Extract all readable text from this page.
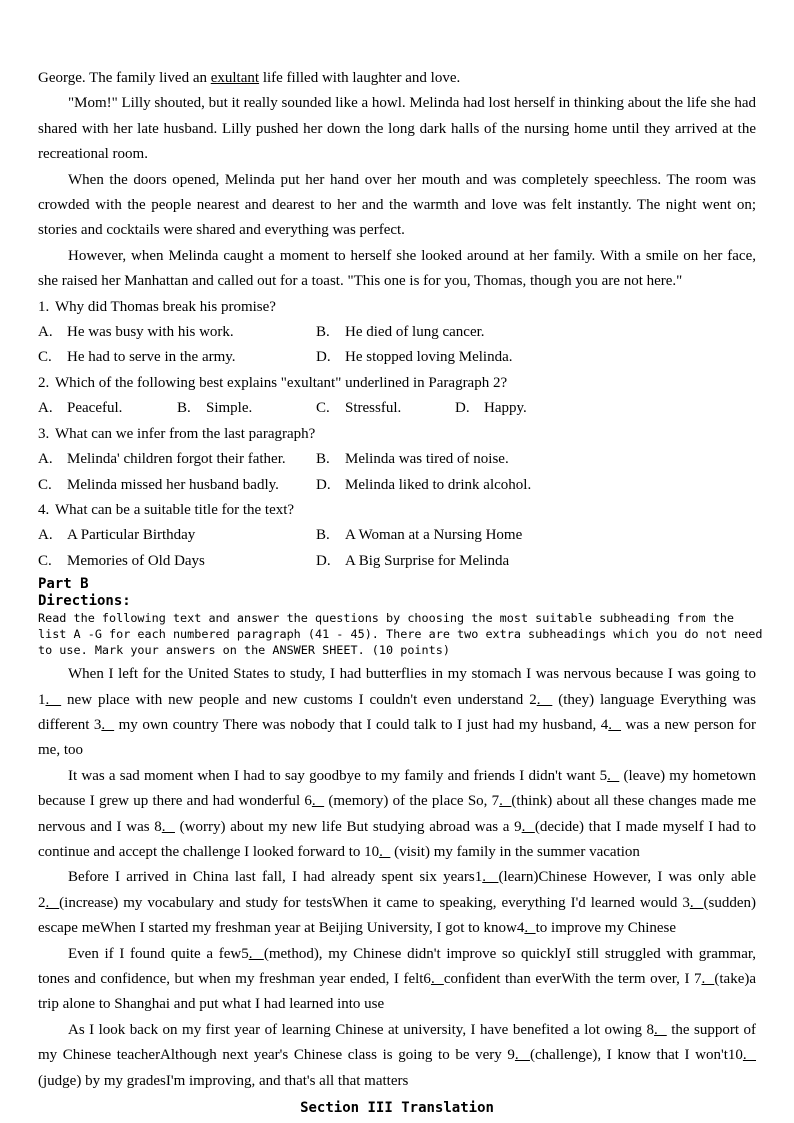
George. The family lived an exultant life filled with laughter and love.

"Mom!" Lilly shouted, but it really sounded like a howl. Melinda had lost herself in thinking about the life she had shared with her late husband. Lilly pushed her down the long dark halls of the nursing home until they arrived at the recreational room.

When the doors opened, Melinda put her hand over her mouth and was completely speechless. The room was crowded with the people nearest and dearest to her and the warmth and love was felt instantly. The night went on; stories and cocktails were shared and everything was perfect.

However, when Melinda caught a moment to herself she looked around at her family. With a smile on her face, she raised her Manhattan and called out for a toast. "This one is for you, Thomas, though you are not here."

1. Why did Thomas break his promise?
A. He was busy with his work.	B. He died of lung cancer.
C. He had to serve in the army.	D. He stopped loving Melinda.
2. Which of the following best explains "exultant" underlined in Paragraph 2?
A. Peaceful.	B. Simple.	C. Stressful.	D. Happy.
3. What can we infer from the last paragraph?
A. Melinda' children forgot their father.	B. Melinda was tired of noise.
C. Melinda missed her husband badly.	D. Melinda liked to drink alcohol.
4. What can be a suitable title for the text?
A. A Particular Birthday	B. A Woman at a Nursing Home
C. Memories of Old Days	D. A Big Surprise for Melinda
Part B
Directions:
Read the following text and answer the questions by choosing the most suitable subheading from the
list A -G for each numbered paragraph (41 - 45). There are two extra subheadings which you do not need
to use. Mark your answers on the ANSWER SHEET. (10 points)

When I left for the United States to study, I had butterflies in my stomach I was nervous because I was going to 1.   new place with new people and new customs I couldn't even understand 2.   (they) language Everything was different 3.   my own country There was nobody that I could talk to I just had my husband, 4.   was a new person for me, too

It was a sad moment when I had to say goodbye to my family and friends I didn't want 5.   (leave) my hometown because I grew up there and had wonderful 6.   (memory) of the place So, 7.  (think) about all these changes made me nervous and I was 8.   (worry) about my new life But studying abroad was a 9.  (decide) that I made myself I had to continue and accept the challenge I looked forward to 10.   (visit) my family in the summer vacation

Before I arrived in China last fall, I had already spent six years1.  (learn)Chinese However, I was only able 2.  (increase) my vocabulary and study for testsWhen it came to speaking, everything I'd learned would 3.  (sudden) escape meWhen I started my freshman year at Beijing University, I got to know4.  to improve my Chinese

Even if I found quite a few5.  (method), my Chinese didn't improve so quicklyI still struggled with grammar, tones and confidence, but when my freshman year ended, I felt6.  confident than everWith the term over, I 7.  (take)a trip alone to Shanghai and put what I had learned into use

As I look back on my first year of learning Chinese at university, I have benefited a lot owing 8.   the support of my Chinese teacherAlthough next year's Chinese class is going to be very 9.  (challenge), I know that I won't10.   (judge) by my gradesI'm improving, and that's all that matters

Section III Translation
